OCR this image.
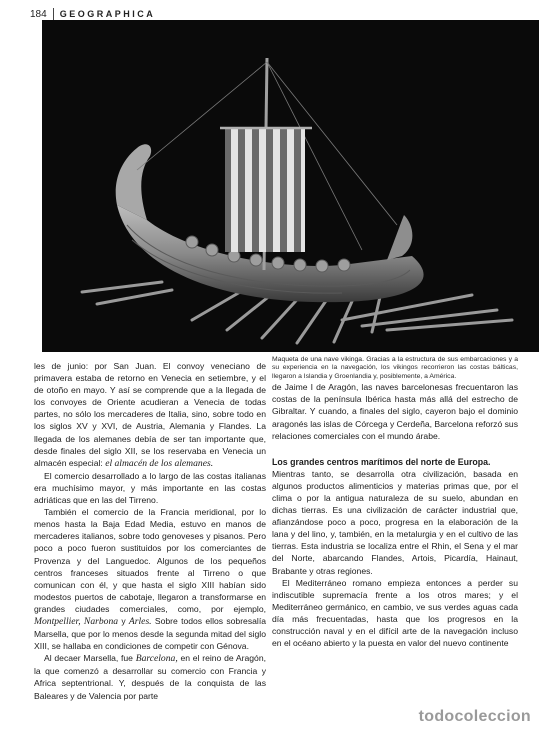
184 GEOGRAPHICA

les de junio: por San Juan. El convoy veneciano de primavera estaba de retorno en Venecia en setiembre, y el de otoño en mayo. Y así se comprende que a la llegada de los convoyes de Oriente acudieran a Venecia de todas partes, no sólo los mercaderes de Italia, sino, sobre todo en los siglos XV y XVI, de Austria, Alemania y Flandes. La llegada de los alemanes debía de ser tan importante que, desde finales del siglo XII, se los reservaba en Venecia un almacén especial: el almacén de los alemanes.

El comercio desarrollado a lo largo de las costas italianas era muchísimo mayor, y más importante en las costas adriáticas que en las del Tirreno.

También el comercio de la Francia meridional, por lo menos hasta la Baja Edad Media, estuvo en manos de mercaderes italianos, sobre todo genoveses y pisanos. Pero poco a poco fueron sustituidos por los comerciantes de Provenza y del Languedoc. Algunos de los pequeños centros franceses situados frente al Tirreno o que comunican con él, y que hasta el siglo XIII habían sido modestos puertos de cabotaje, llegaron a transformarse en grandes ciudades comerciales, como, por ejemplo, Montpellier, Narbona y Arles. Sobre todos ellos sobresalía Marsella, que por lo menos desde la segunda mitad del siglo XIII, se hallaba en condiciones de competir con Génova.

Al decaer Marsella, fue Barcelona, en el reino de Aragón, la que comenzó a desarrollar su comercio con Francia y Africa septentrional. Y, después de la conquista de las Baleares y de Valencia por parte

Maqueta de una nave vikinga. Gracias a la estructura de sus embarcaciones y a su experiencia en la navegación, los vikingos recorrieron las costas bálticas, llegaron a Islandia y Groenlandia y, posiblemente, a América.

de Jaime I de Aragón, las naves barcelonesas frecuentaron las costas de la península Ibérica hasta más allá del estrecho de Gibraltar. Y cuando, a finales del siglo, cayeron bajo el dominio aragonés las islas de Córcega y Cerdeña, Barcelona reforzó sus relaciones comerciales con el mundo árabe.

Los grandes centros marítimos del norte de Europa.

Mientras tanto, se desarrolla otra civilización, basada en algunos productos alimenticios y materias primas que, por el clima o por la antigua naturaleza de su suelo, abundan en dichas tierras. Es una civilización de carácter industrial que, afianzándose poco a poco, progresa en la elaboración de la lana y del lino, y, también, en la metalurgia y en el cultivo de las tierras. Esta industria se localiza entre el Rhin, el Sena y el mar del Norte, abarcando Flandes, Artois, Picardía, Hainaut, Brabante y otras regiones.

El Mediterráneo romano empieza entonces a perder su indiscutible supremacía frente a los otros mares; y el Mediterráneo germánico, en cambio, ve sus verdes aguas cada día más frecuentadas, hasta que los progresos en la construcción naval y en el difícil arte de la navegación incluso en el océano abierto y la puesta en valor del nuevo continente

todocoleccion
